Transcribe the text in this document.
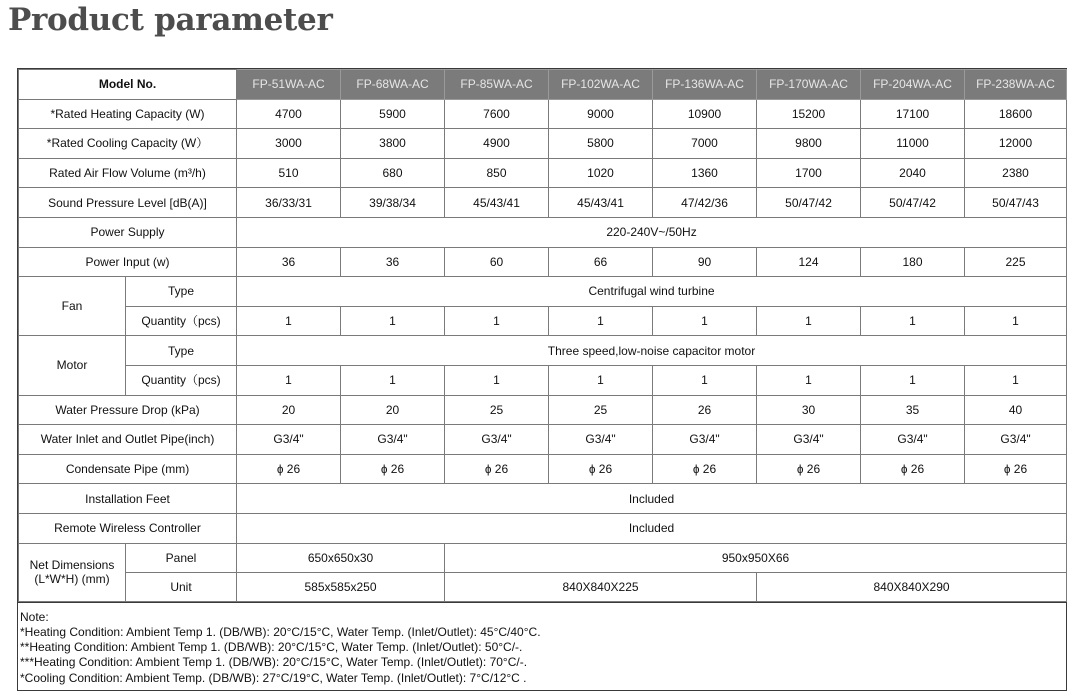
Product parameter
Model No.		FP-51WA-AC	FP-68WA-AC	FP-85WA-AC	FP-102WA-AC	FP-136WA-AC	FP-170WA-AC	FP-204WA-AC	FP-238WA-AC
*Rated Heating Capacity (W)		4700	5900	7600	9000	10900	15200	17100	18600
*Rated Cooling Capacity (W）		3000	3800	4900	5800	7000	9800	11000	12000
Rated Air Flow Volume (m³/h)		510	680	850	1020	1360	1700	2040	2380
Sound Pressure Level [dB(A)]		36/33/31	39/38/34	45/43/41	45/43/41	47/42/36	50/47/42	50/47/42	50/47/43
Power Supply		220-240V~/50Hz							
Power Input (w)		36	36	60	66	90	124	180	225
Fan	Type	Centrifugal wind turbine							
	Quantity（pcs)	1	1	1	1	1	1	1	1
Motor	Type	Three speed,low-noise capacitor motor							
	Quantity（pcs)	1	1	1	1	1	1	1	1
Water Pressure Drop (kPa)		20	20	25	25	26	30	35	40
Water Inlet and Outlet Pipe(inch)		G3/4"	G3/4"	G3/4"	G3/4"	G3/4"	G3/4"	G3/4"	G3/4"
Condensate Pipe (mm)		ɸ 26	ɸ 26	ɸ 26	ɸ 26	ɸ 26	ɸ 26	ɸ 26	ɸ 26
Installation Feet		Included							
Remote Wireless Controller		Included							
Net Dimensions
(L*W*H) (mm)	Panel	650x650x30		950x950X66					
	Unit	585x585x250		840X840X225			840X840X290		
Note:
*Heating Condition: Ambient Temp 1. (DB/WB): 20°C/15°C, Water Temp. (Inlet/Outlet): 45°C/40°C.
**Heating Condition: Ambient Temp 1. (DB/WB): 20°C/15°C, Water Temp. (Inlet/Outlet): 50°C/-.
***Heating Condition: Ambient Temp 1. (DB/WB): 20°C/15°C, Water Temp. (Inlet/Outlet): 70°C/-.
*Cooling Condition: Ambient Temp. (DB/WB): 27°C/19°C, Water Temp. (Inlet/Outlet): 7°C/12°C .
